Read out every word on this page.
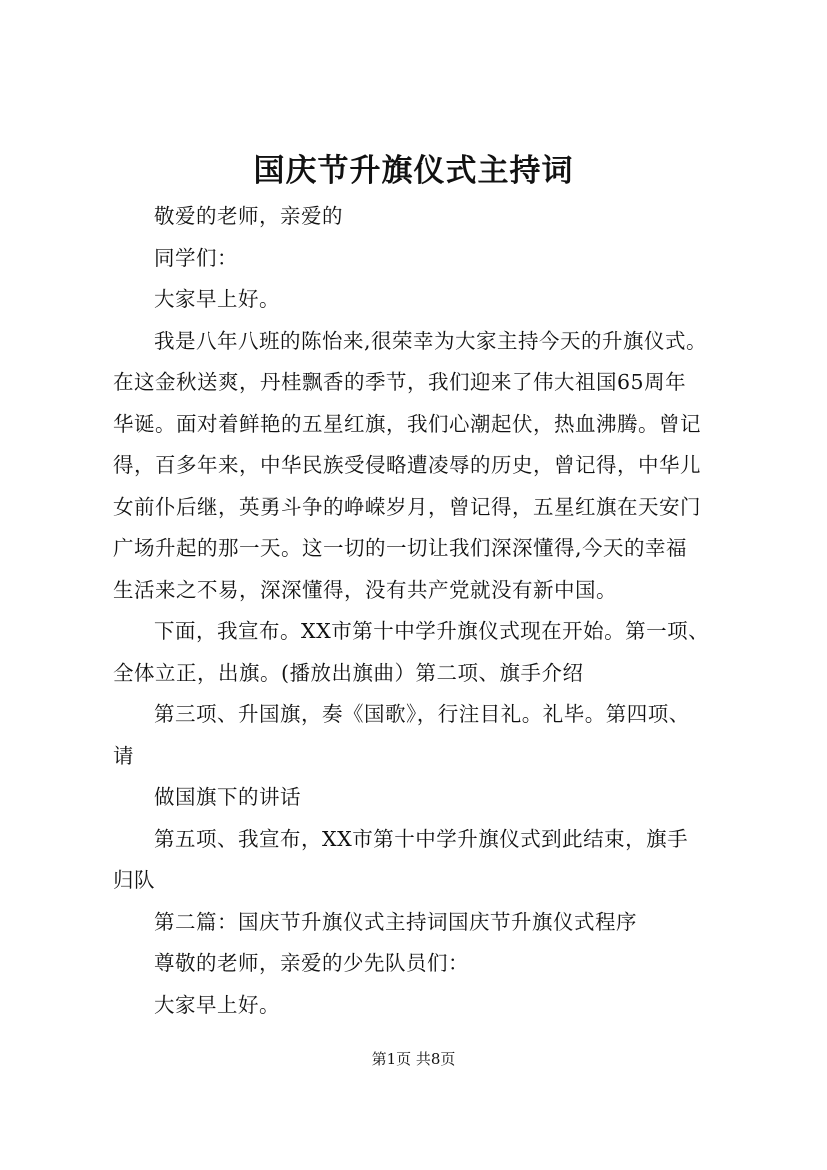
国庆节升旗仪式主持词
敬爱的老师，亲爱的
同学们：
大家早上好。
我是八年八班的陈怡来,很荣幸为大家主持今天的升旗仪式。
在这金秋送爽，丹桂飘香的季节，我们迎来了伟大祖国65周年
华诞。面对着鲜艳的五星红旗，我们心潮起伏，热血沸腾。曾记
得，百多年来，中华民族受侵略遭凌辱的历史，曾记得，中华儿
女前仆后继，英勇斗争的峥嵘岁月，曾记得，五星红旗在天安门
广场升起的那一天。这一切的一切让我们深深懂得,今天的幸福
生活来之不易，深深懂得，没有共产党就没有新中国。
下面，我宣布。XX市第十中学升旗仪式现在开始。第一项、
全体立正，出旗。(播放出旗曲）第二项、旗手介绍
第三项、升国旗，奏《国歌》，行注目礼。礼毕。第四项、
请
做国旗下的讲话
第五项、我宣布，XX市第十中学升旗仪式到此结束，旗手
归队
第二篇：国庆节升旗仪式主持词国庆节升旗仪式程序
尊敬的老师，亲爱的少先队员们：
大家早上好。
第1页 共8页
